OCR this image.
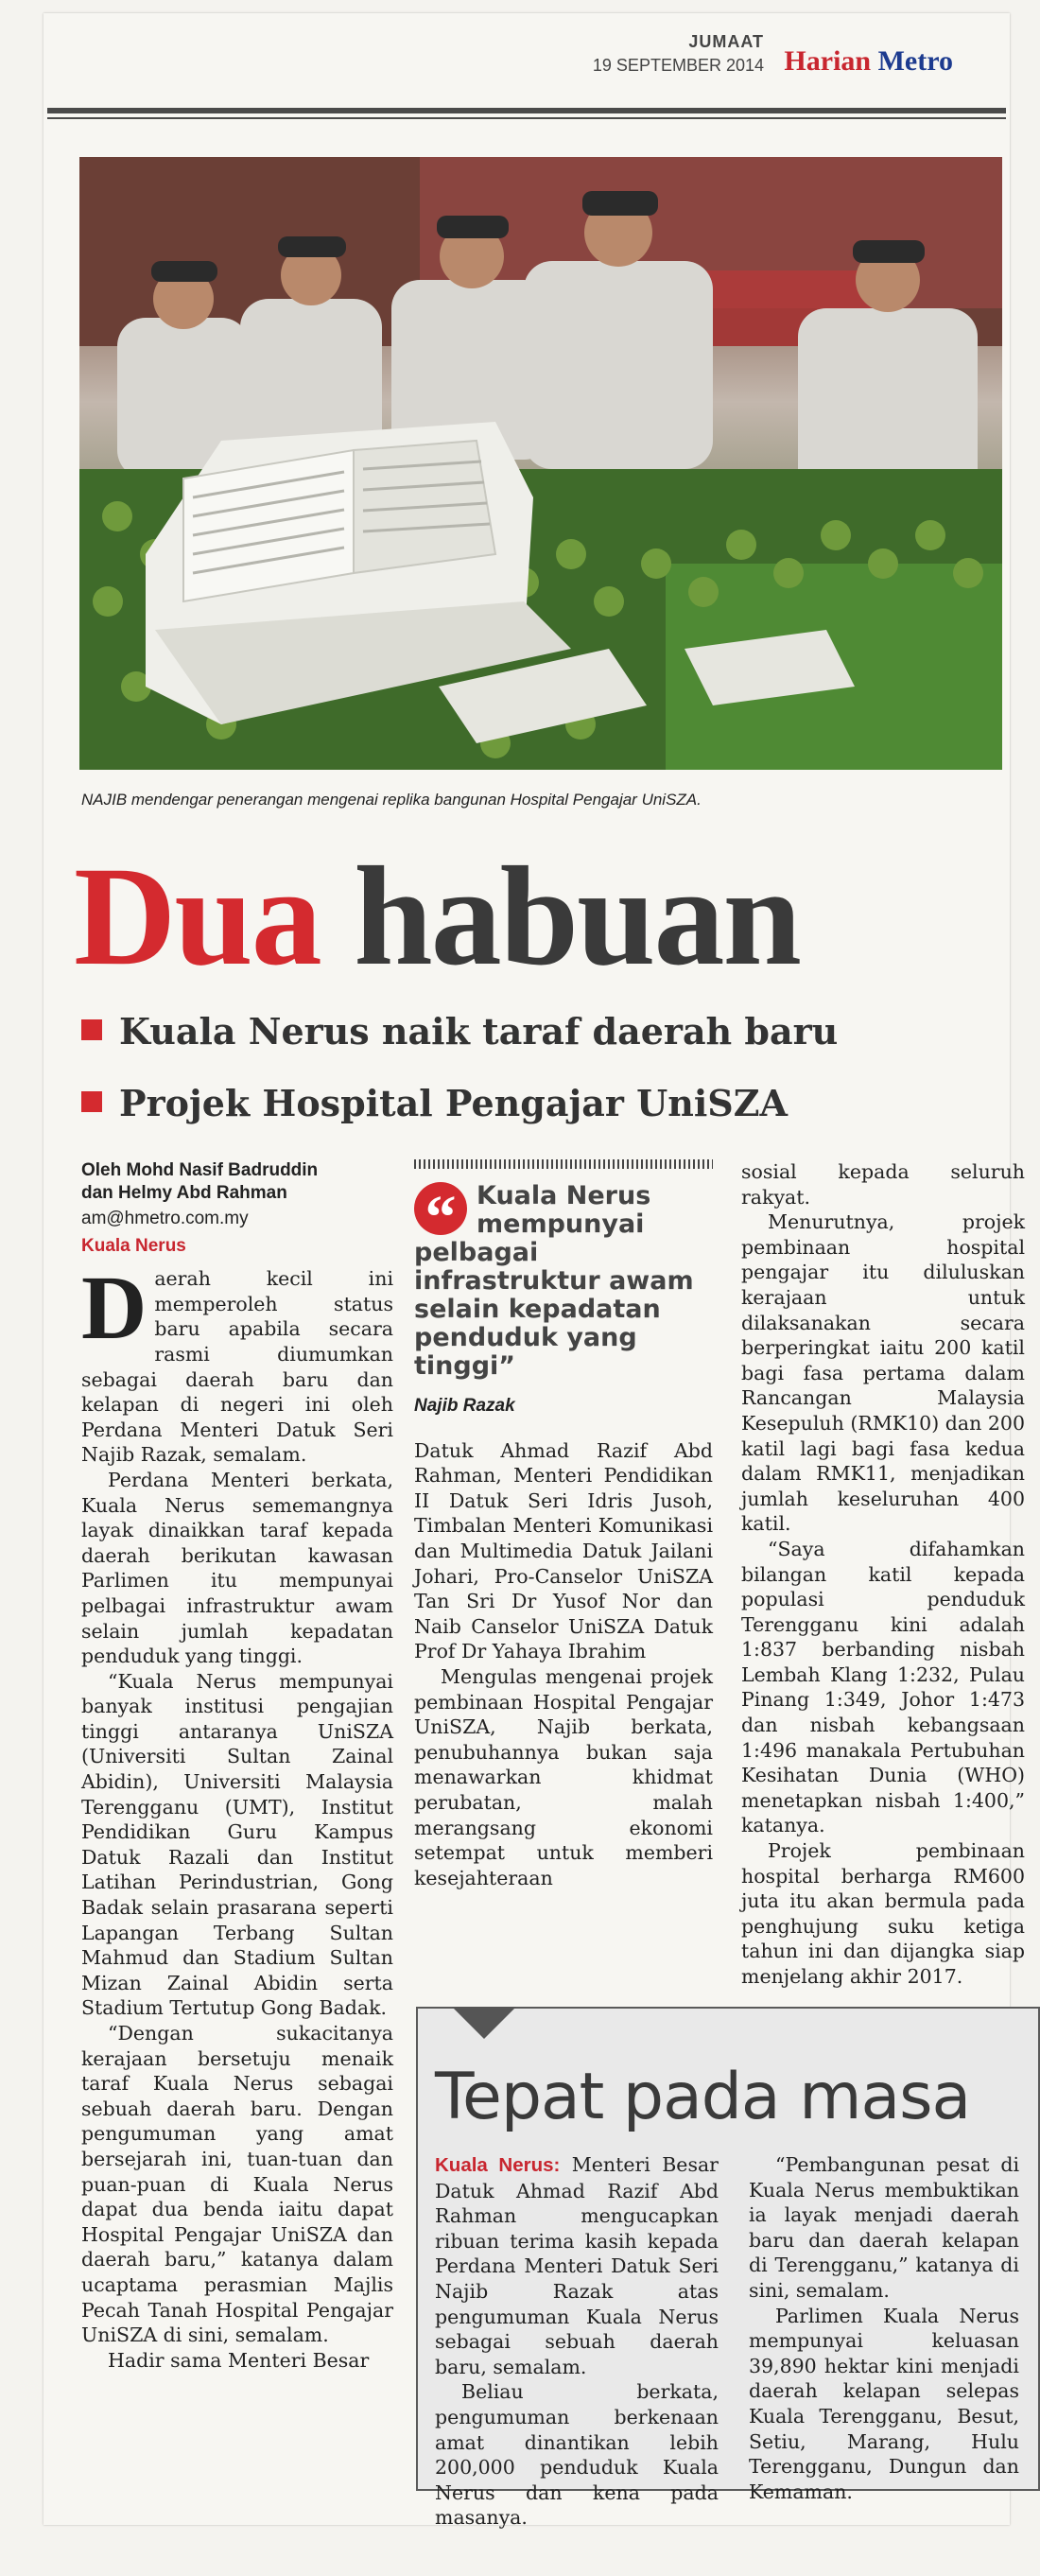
JUMAAT
19 SEPTEMBER 2014 Harian Metro
NAJIB mendengar penerangan mengenai replika bangunan Hospital Pengajar UniSZA.
Dua habuan
Kuala Nerus naik taraf daerah baru
Projek Hospital Pengajar UniSZA
Oleh Mohd Nasif Badruddin
dan Helmy Abd Rahman
am@hmetro.com.my
Kuala Nerus

Daerah kecil ini memperoleh status baru apabila secara rasmi diumumkan sebagai daerah baru dan kelapan di negeri ini oleh Perdana Menteri Datuk Seri Najib Razak, semalam.

Perdana Menteri berkata, Kuala Nerus sememangnya layak dinaikkan taraf kepada daerah berikutan kawasan Parlimen itu mempunyai pelbagai infrastruktur awam selain jumlah kepadatan penduduk yang tinggi.

“Kuala Nerus mempunyai banyak institusi pengajian tinggi antaranya UniSZA (Universiti Sultan Zainal Abidin), Universiti Malaysia Terengganu (UMT), Institut Pendidikan Guru Kampus Datuk Razali dan Institut Latihan Perindustrian, Gong Badak selain prasarana seperti Lapangan Terbang Sultan Mahmud dan Stadium Sultan Mizan Zainal Abidin serta Stadium Tertutup Gong Badak.

“Dengan sukacitanya kerajaan bersetuju menaik taraf Kuala Nerus sebagai sebuah daerah baru. Dengan pengumuman yang amat bersejarah ini, tuan-tuan dan puan-puan di Kuala Nerus dapat dua benda iaitu dapat Hospital Pengajar UniSZA dan daerah baru,” katanya dalam ucaptama perasmian Majlis Pecah Tanah Hospital Pengajar UniSZA di sini, semalam.

Hadir sama Menteri Besar

“ Kuala Nerus mempunyai pelbagai infrastruktur awam selain kepadatan penduduk yang tinggi”
Najib Razak

Datuk Ahmad Razif Abd Rahman, Menteri Pendidikan II Datuk Seri Idris Jusoh, Timbalan Menteri Komunikasi dan Multimedia Datuk Jailani Johari, Pro-Canselor UniSZA Tan Sri Dr Yusof Nor dan Naib Canselor UniSZA Datuk Prof Dr Yahaya Ibrahim

Mengulas mengenai projek pembinaan Hospital Pengajar UniSZA, Najib berkata, penubuhannya bukan saja menawarkan khidmat perubatan, malah merangsang ekonomi setempat untuk memberi kesejahteraan

sosial kepada seluruh rakyat.

Menurutnya, projek pembinaan hospital pengajar itu diluluskan kerajaan untuk dilaksanakan secara berperingkat iaitu 200 katil bagi fasa pertama dalam Rancangan Malaysia Kesepuluh (RMK10) dan 200 katil lagi bagi fasa kedua dalam RMK11, menjadikan jumlah keseluruhan 400 katil.

“Saya difahamkan bilangan katil kepada populasi penduduk Terengganu kini adalah 1:837 berbanding nisbah Lembah Klang 1:232, Pulau Pinang 1:349, Johor 1:473 dan nisbah kebangsaan 1:496 manakala Pertubuhan Kesihatan Dunia (WHO) menetapkan nisbah 1:400,” katanya.

Projek pembinaan hospital berharga RM600 juta itu akan bermula pada penghujung suku ketiga tahun ini dan dijangka siap menjelang akhir 2017.

Tepat pada masa

Kuala Nerus: Menteri Besar Datuk Ahmad Razif Abd Rahman mengucapkan ribuan terima kasih kepada Perdana Menteri Datuk Seri Najib Razak atas pengumuman Kuala Nerus sebagai sebuah daerah baru, semalam.

Beliau berkata, pengumuman berkenaan amat dinantikan lebih 200,000 penduduk Kuala Nerus dan kena pada masanya.

“Pembangunan pesat di Kuala Nerus membuktikan ia layak menjadi daerah baru dan daerah kelapan di Terengganu,” katanya di sini, semalam.

Parlimen Kuala Nerus mempunyai keluasan 39,890 hektar kini menjadi daerah kelapan selepas Kuala Terengganu, Besut, Setiu, Marang, Hulu Terengganu, Dungun dan Kemaman.
